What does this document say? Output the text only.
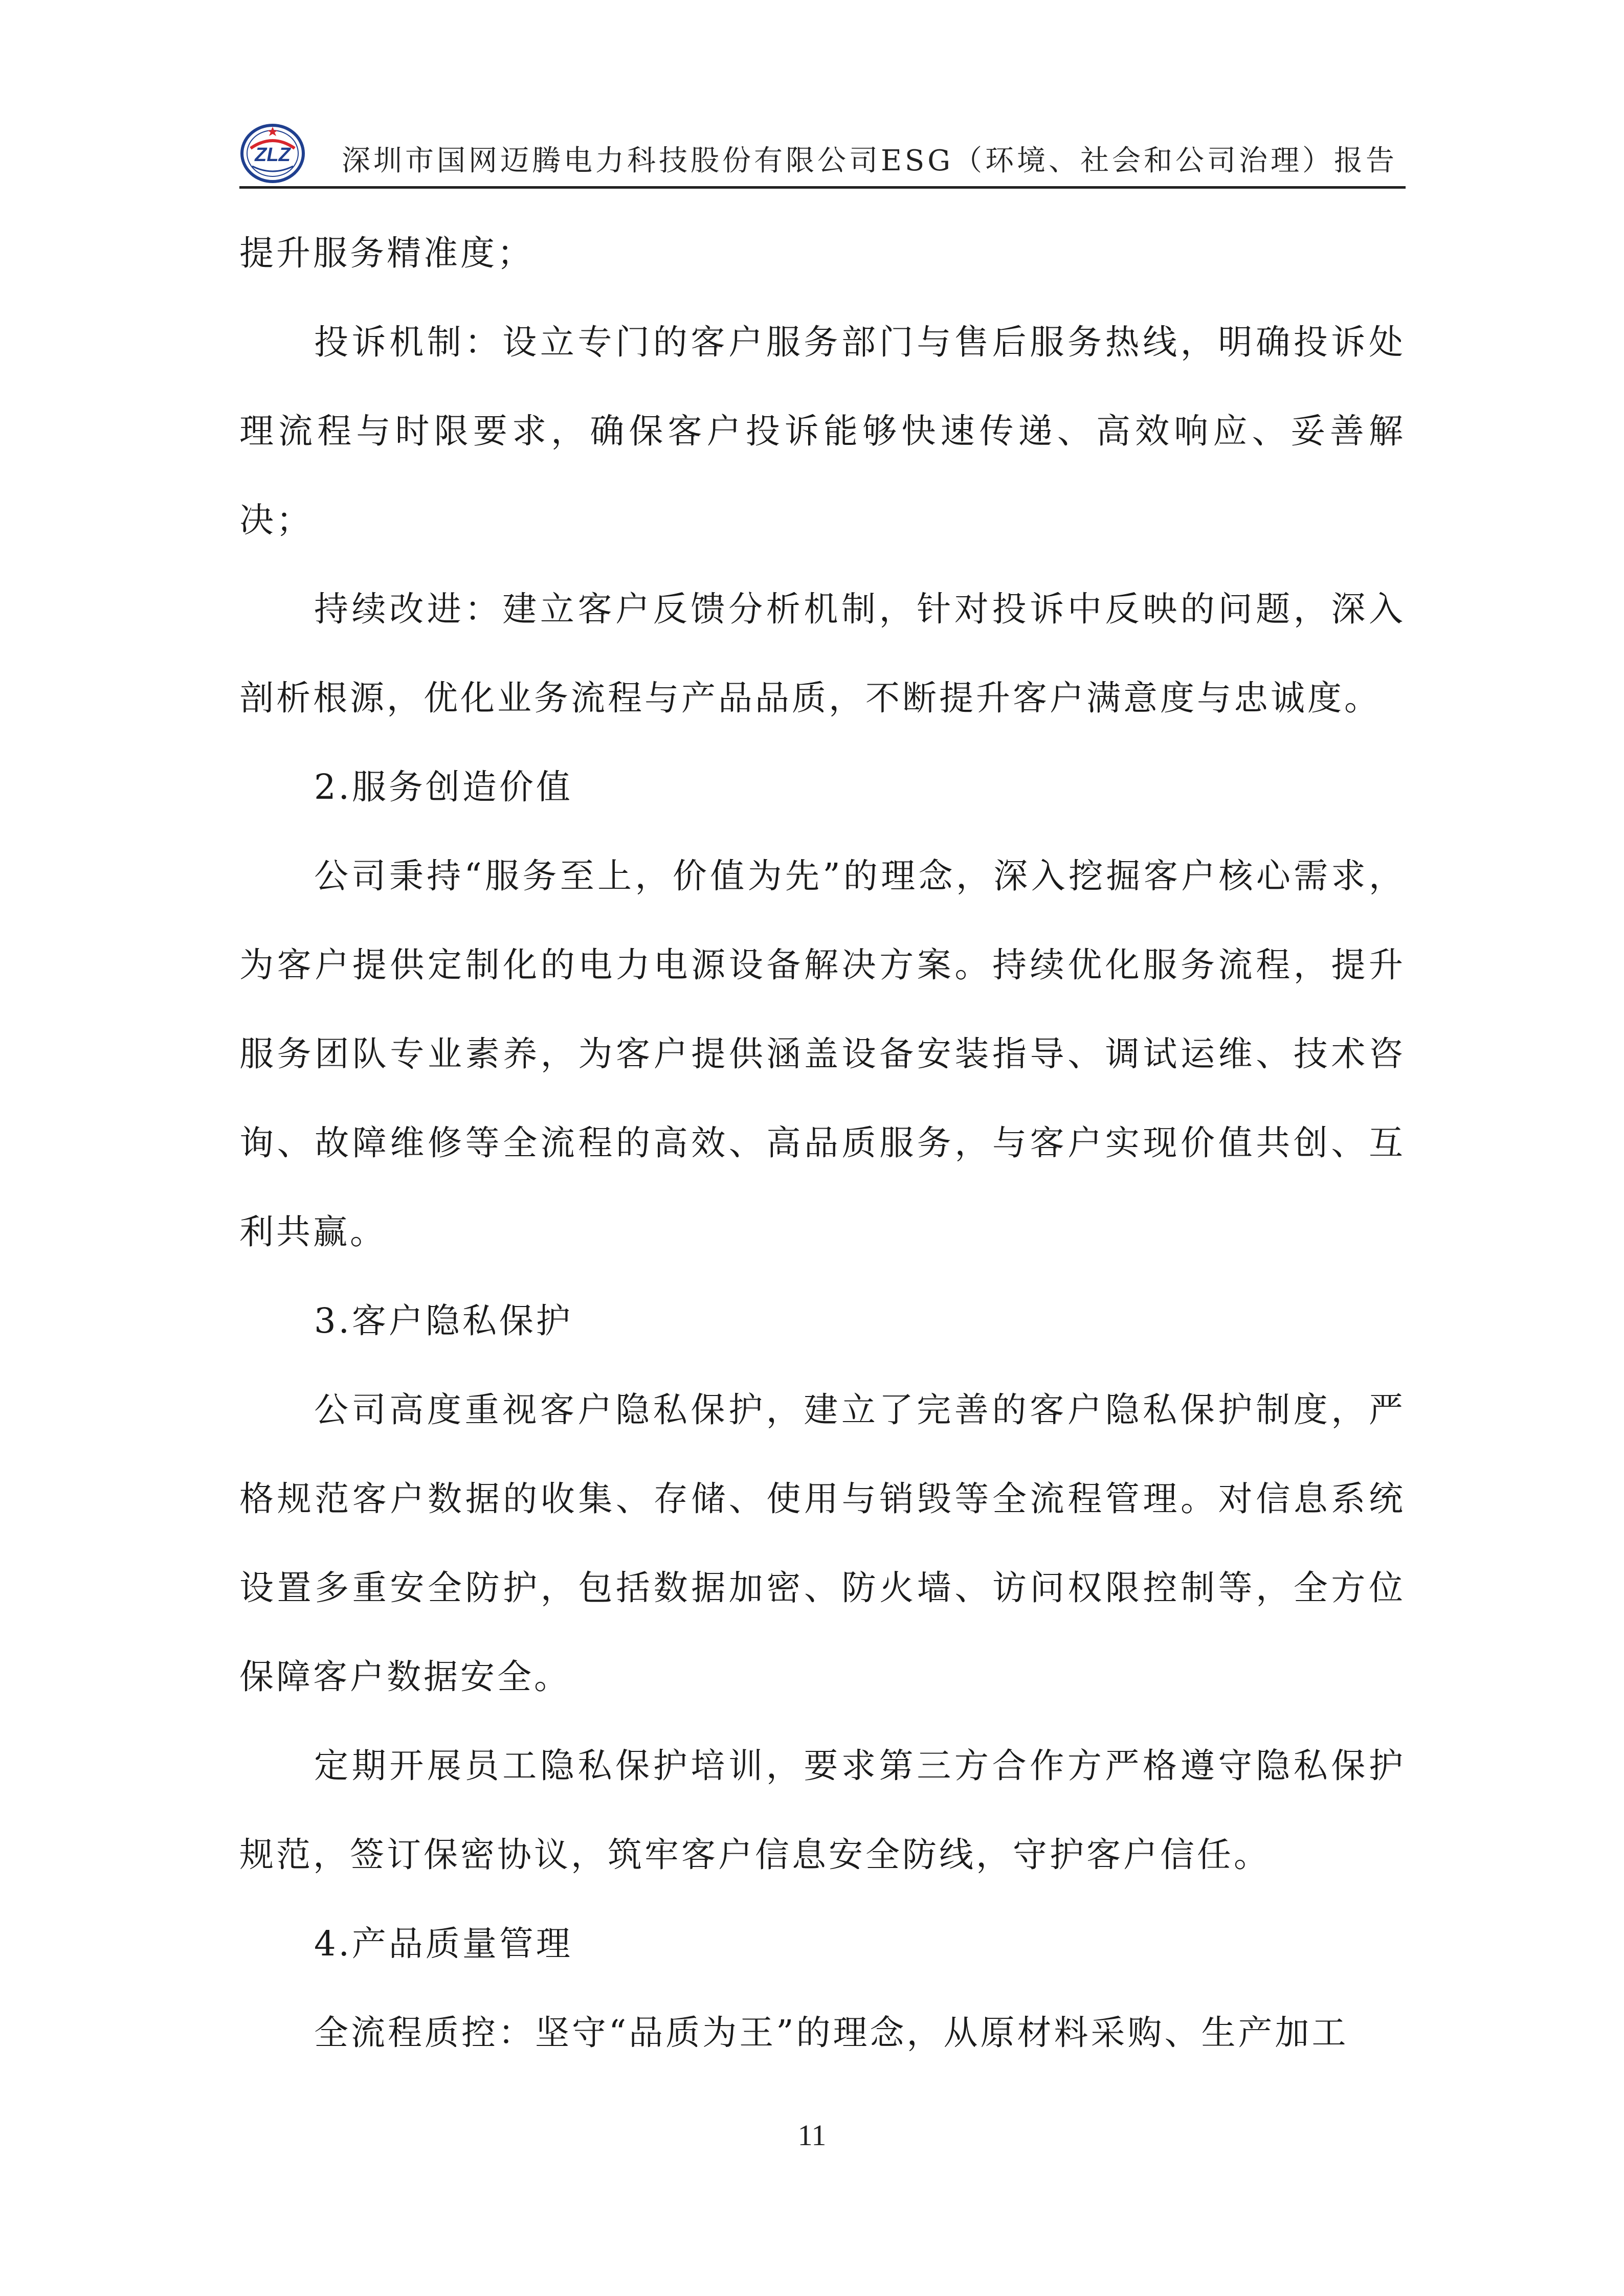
ZLZ 深圳市国网迈腾电力科技股份有限公司ESG（环境、社会和公司治理）报告

提升服务精准度；

投诉机制：设立专门的客户服务部门与售后服务热线，明确投诉处理流程与时限要求，确保客户投诉能够快速传递、高效响应、妥善解决；

持续改进：建立客户反馈分析机制，针对投诉中反映的问题，深入剖析根源，优化业务流程与产品品质，不断提升客户满意度与忠诚度。

2.服务创造价值

公司秉持“服务至上，价值为先”的理念，深入挖掘客户核心需求，为客户提供定制化的电力电源设备解决方案。持续优化服务流程，提升服务团队专业素养，为客户提供涵盖设备安装指导、调试运维、技术咨询、故障维修等全流程的高效、高品质服务，与客户实现价值共创、互利共赢。

3.客户隐私保护

公司高度重视客户隐私保护，建立了完善的客户隐私保护制度，严格规范客户数据的收集、存储、使用与销毁等全流程管理。对信息系统设置多重安全防护，包括数据加密、防火墙、访问权限控制等，全方位保障客户数据安全。

定期开展员工隐私保护培训，要求第三方合作方严格遵守隐私保护规范，签订保密协议，筑牢客户信息安全防线，守护客户信任。

4.产品质量管理

全流程质控：坚守“品质为王”的理念，从原材料采购、生产加工

11
